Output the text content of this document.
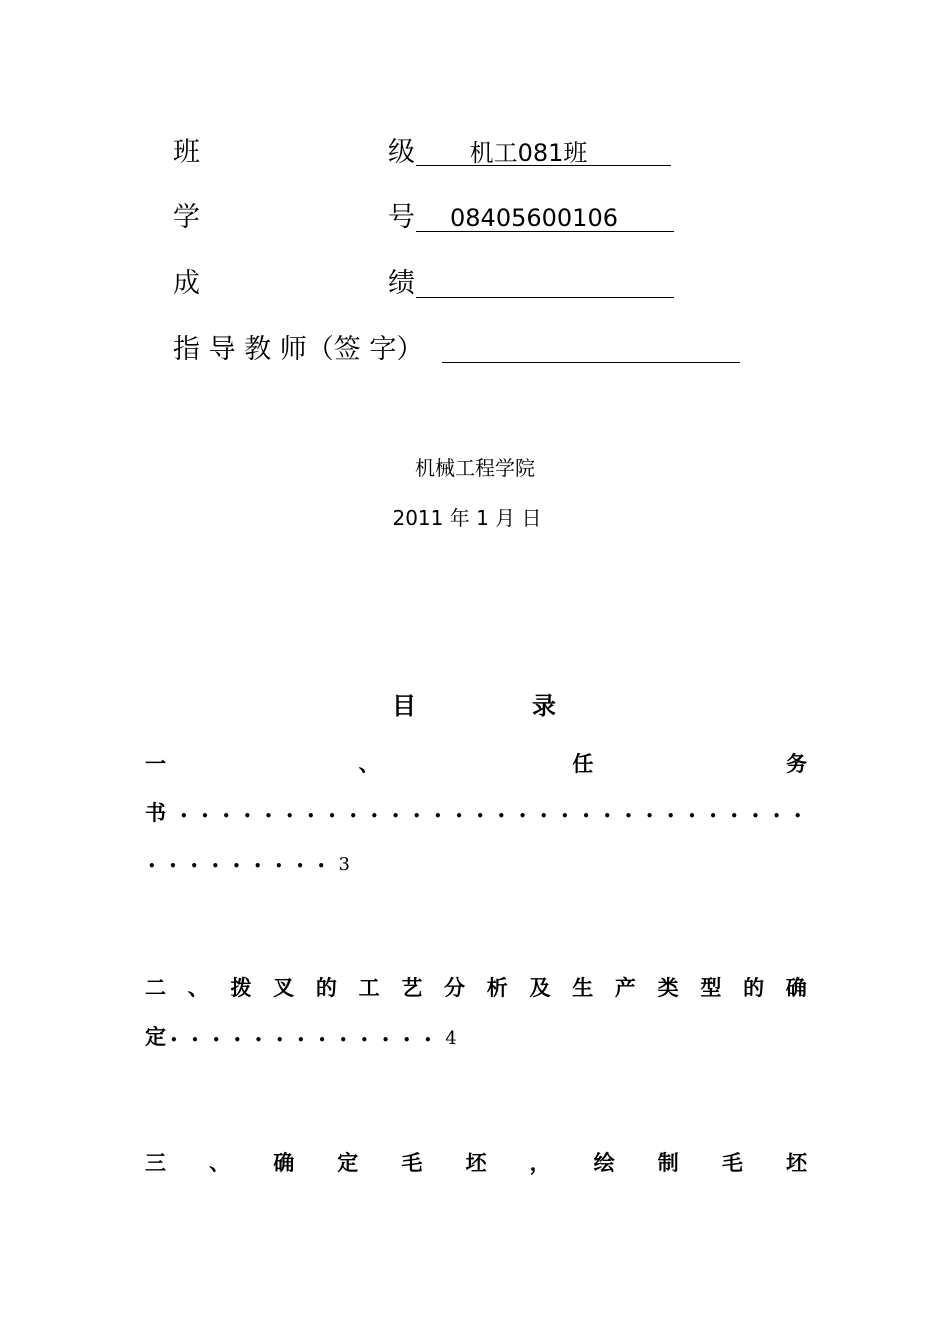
班	级	机工081班
学	号	08405600106
成	绩
指 导 教 师（签 字）
机械工程学院
2011 年 1 月 日
目	录
一	、	任	务
书 ••••••••••••••••••••••••••••••
•••••••••3
二 、 拨 叉 的 工 艺 分 析 及 生 产 类 型 的 确
定 •••••••••••••4
三 、 确 定 毛 坯 ， 绘 制 毛 坯
